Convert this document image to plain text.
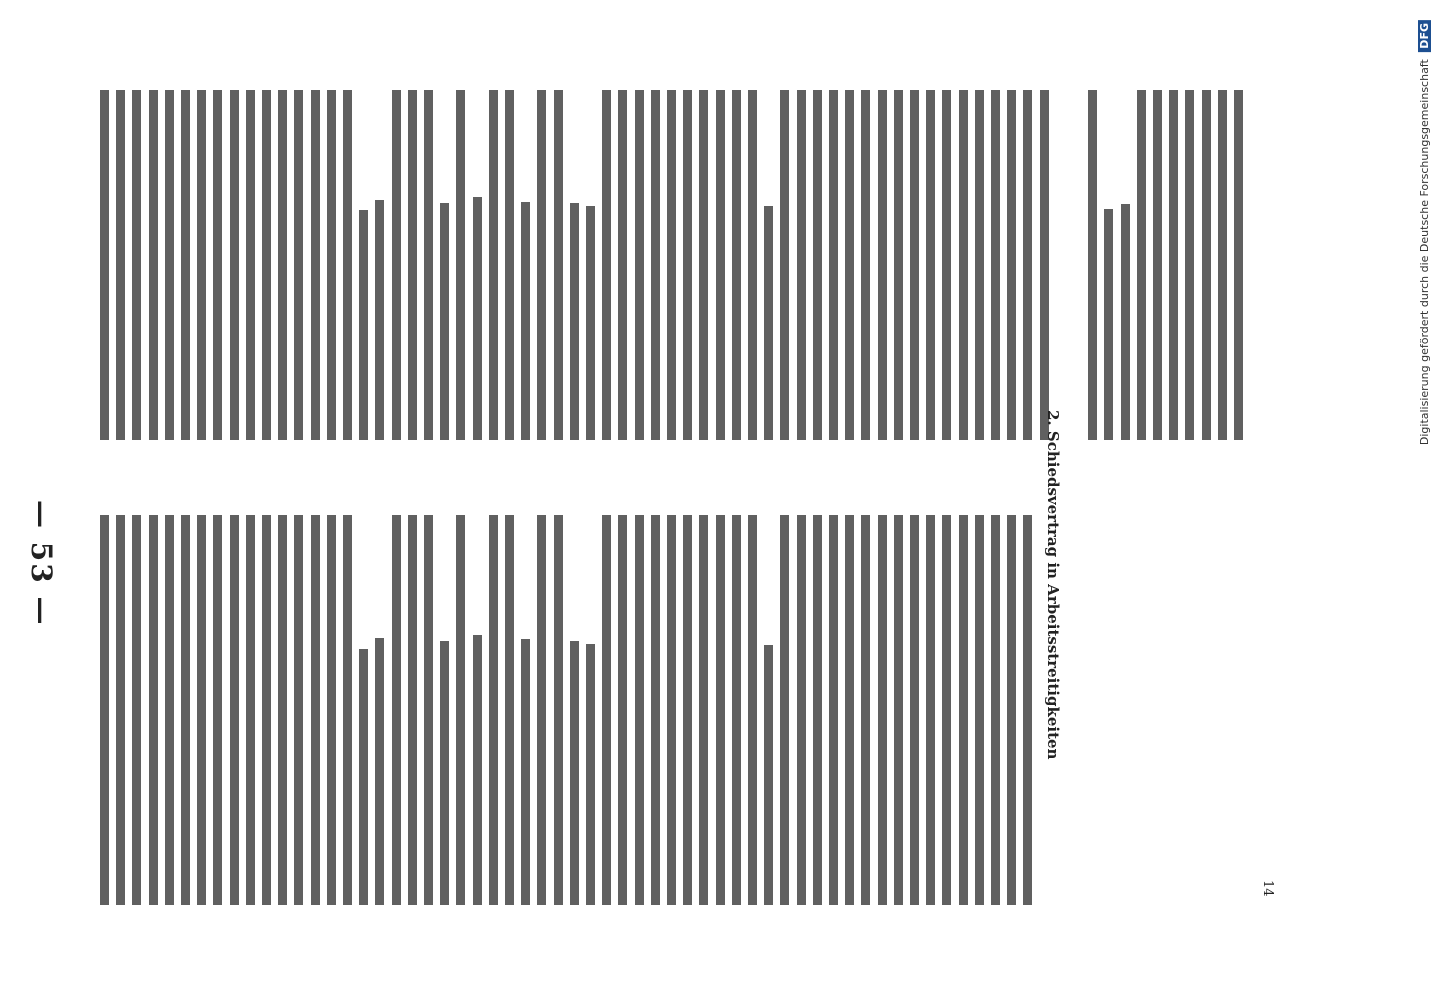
— 53 —	2. Schiedsvertrag in Arbeitsstreitigkeiten
14
Digitalisierung gefördert durch die Deutsche Forschungsgemeinschaft DFG
